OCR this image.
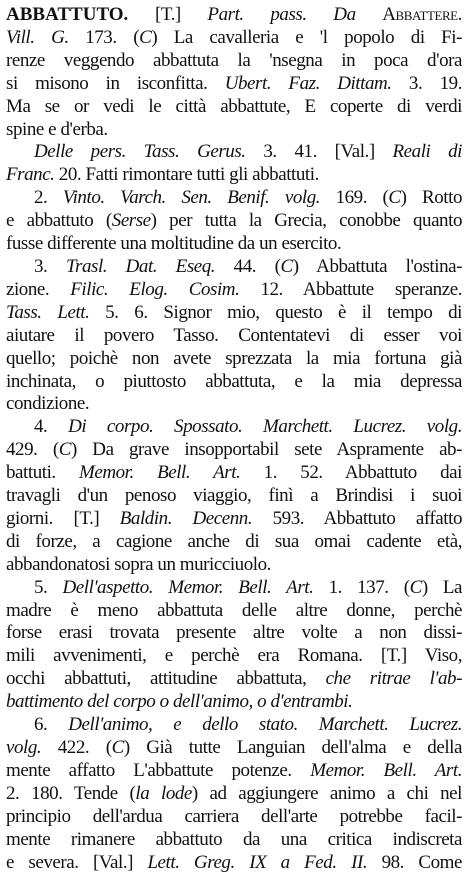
ABBATTUTO. [T.] Part. pass. Da Abbattere.
Vill. G. 173. (C) La cavalleria e 'l popolo di Fi-
renze veggendo abbattuta la 'nsegna in poca d'ora
si misono in isconfitta. Ubert. Faz. Dittam. 3. 19.
Ma se or vedi le città abbattute, E coperte di verdi
spine e d'erba.
Delle pers. Tass. Gerus. 3. 41. [Val.] Reali di
Franc. 20. Fatti rimontare tutti gli abbattuti.
2. Vinto. Varch. Sen. Benif. volg. 169. (C) Rotto
e abbattuto (Serse) per tutta la Grecia, conobbe quanto
fusse differente una moltitudine da un esercito.
3. Trasl. Dat. Eseq. 44. (C) Abbattuta l'ostina-
zione. Filic. Elog. Cosim. 12. Abbattute speranze.
Tass. Lett. 5. 6. Signor mio, questo è il tempo di
aiutare il povero Tasso. Contentatevi di esser voi
quello; poichè non avete sprezzata la mia fortuna già
inchinata, o piuttosto abbattuta, e la mia depressa
condizione.
4. Di corpo. Spossato. Marchett. Lucrez. volg.
429. (C) Da grave insopportabil sete Aspramente ab-
battuti. Memor. Bell. Art. 1. 52. Abbattuto dai
travagli d'un penoso viaggio, finì a Brindisi i suoi
giorni. [T.] Baldin. Decenn. 593. Abbattuto affatto
di forze, a cagione anche di sua omai cadente età,
abbandonatosi sopra un muricciuolo.
5. Dell'aspetto. Memor. Bell. Art. 1. 137. (C) La
madre è meno abbattuta delle altre donne, perchè
forse erasi trovata presente altre volte a non dissi-
mili avvenimenti, e perchè era Romana. [T.] Viso,
occhi abbattuti, attitudine abbattuta, che ritrae l'ab-
battimento del corpo o dell'animo, o d'entrambi.
6. Dell'animo, e dello stato. Marchett. Lucrez.
volg. 422. (C) Già tutte Languian dell'alma e della
mente affatto L'abbattute potenze. Memor. Bell. Art.
2. 180. Tende (la lode) ad aggiungere animo a chi nel
principio dell'ardua carriera dell'arte potrebbe facil-
mente rimanere abbattuto da una critica indiscreta
e severa. [Val.] Lett. Greg. IX a Fed. II. 98. Come
